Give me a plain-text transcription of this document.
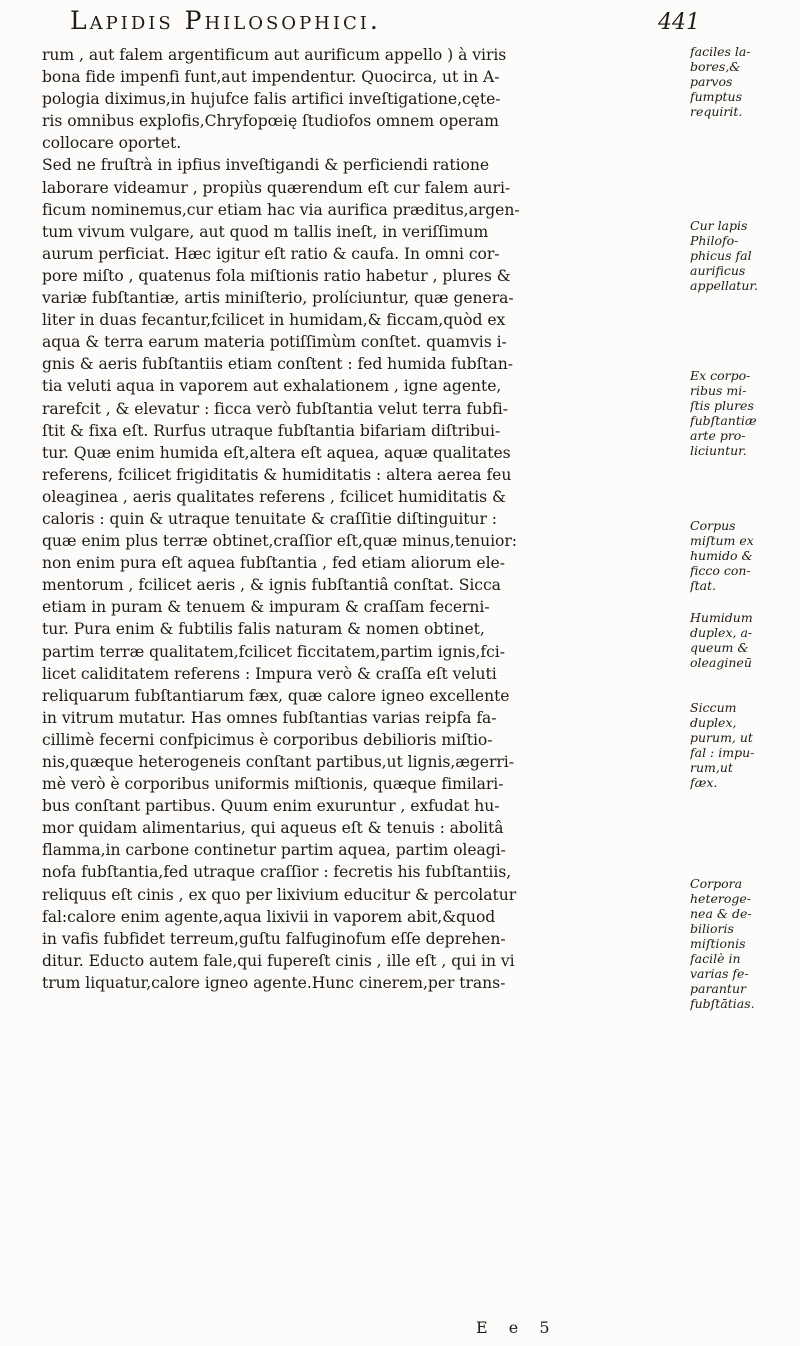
Lapidis Philosophici.	441
rum , aut falem argentificum aut aurificum appello ) à viris
bona fide impenfi funt,aut impendentur. Quocirca, ut in A-
pologia diximus,in hujufce falis artifici inveſtigatione,cęte-
ris omnibus explofis,Chryfopœię ſtudiofos omnem operam
collocare oportet.
Sed ne fruſtrà in ipfius inveſtigandi & perficiendi ratione
laborare videamur , propiùs quærendum eſt cur falem auri-
ficum nominemus,cur etiam hac via aurifica præditus,argen-
tum vivum vulgare, aut quod m tallis ineſt, in veriſſimum
aurum perficiat. Hæc igitur eſt ratio & caufa. In omni cor-
pore miſto , quatenus fola miſtionis ratio habetur , plures &
variæ fubſtantiæ, artis miniſterio, prolíciuntur, quæ genera-
liter in duas fecantur,fcilicet in humidam,& ficcam,quòd ex
aqua & terra earum materia potiſſimùm conſtet. quamvis i-
gnis & aeris fubſtantiis etiam conſtent : fed humida fubſtan-
tia veluti aqua in vaporem aut exhalationem , igne agente,
rarefcit , & elevatur : ficca verò fubſtantia velut terra fubfi-
ſtit & fixa eſt. Rurfus utraque fubſtantia bifariam diſtribui-
tur. Quæ enim humida eſt,altera eſt aquea, aquæ qualitates
referens, fcilicet frigiditatis & humiditatis : altera aerea feu
oleaginea , aeris qualitates referens , fcilicet humiditatis &
caloris : quin & utraque tenuitate & craſſitie diſtinguitur :
quæ enim plus terræ obtinet,craſſior eſt,quæ minus,tenuior:
non enim pura eſt aquea fubſtantia , fed etiam aliorum ele-
mentorum , fcilicet aeris , & ignis fubſtantiâ conſtat. Sicca
etiam in puram & tenuem & impuram & craſſam fecerni-
tur. Pura enim & fubtilis falis naturam & nomen obtinet,
partim terræ qualitatem,fcilicet ficcitatem,partim ignis,fci-
licet caliditatem referens : Impura verò & craſſa eſt veluti
reliquarum fubſtantiarum fæx, quæ calore igneo excellente
in vitrum mutatur. Has omnes fubſtantias varias reipfa fa-
cillimè fecerni confpicimus è corporibus debilioris miſtio-
nis,quæque heterogeneis conſtant partibus,ut lignis,ægerri-
mè verò è corporibus uniformis miſtionis, quæque fimilari-
bus conſtant partibus. Quum enim exuruntur , exfudat hu-
mor quidam alimentarius, qui aqueus eſt & tenuis : abolitâ
flamma,in carbone continetur partim aquea, partim oleagi-
nofa fubſtantia,fed utraque craſſior : fecretis his fubſtantiis,
reliquus eſt cinis , ex quo per lixivium educitur & percolatur
fal:calore enim agente,aqua lixivii in vaporem abit,&quod
in vafis fubfidet terreum,guſtu falfuginofum eſſe deprehen-
ditur. Educto autem fale,qui fupereſt cinis , ille eſt , qui in vi
trum liquatur,calore igneo agente.Hunc cinerem,per trans-
faciles la-
bores,&
parvos
fumptus
requirit.
Cur lapis
Philofo-
phicus fal
aurificus
appellatur.
Ex corpo-
ribus mi-
ſtis plures
fubſtantiæ
arte pro-
liciuntur.
Corpus
miſtum ex
humido &
ficco con-
ſtat.
Humidum
duplex, a-
queum &
oleagineū
Siccum
duplex,
purum, ut
fal : impu-
rum,ut
fæx.
Corpora
heteroge-
nea & de-
bilioris
miſtionis
facilè in
varias fe-
parantur
fubſtātias.
E e 5
